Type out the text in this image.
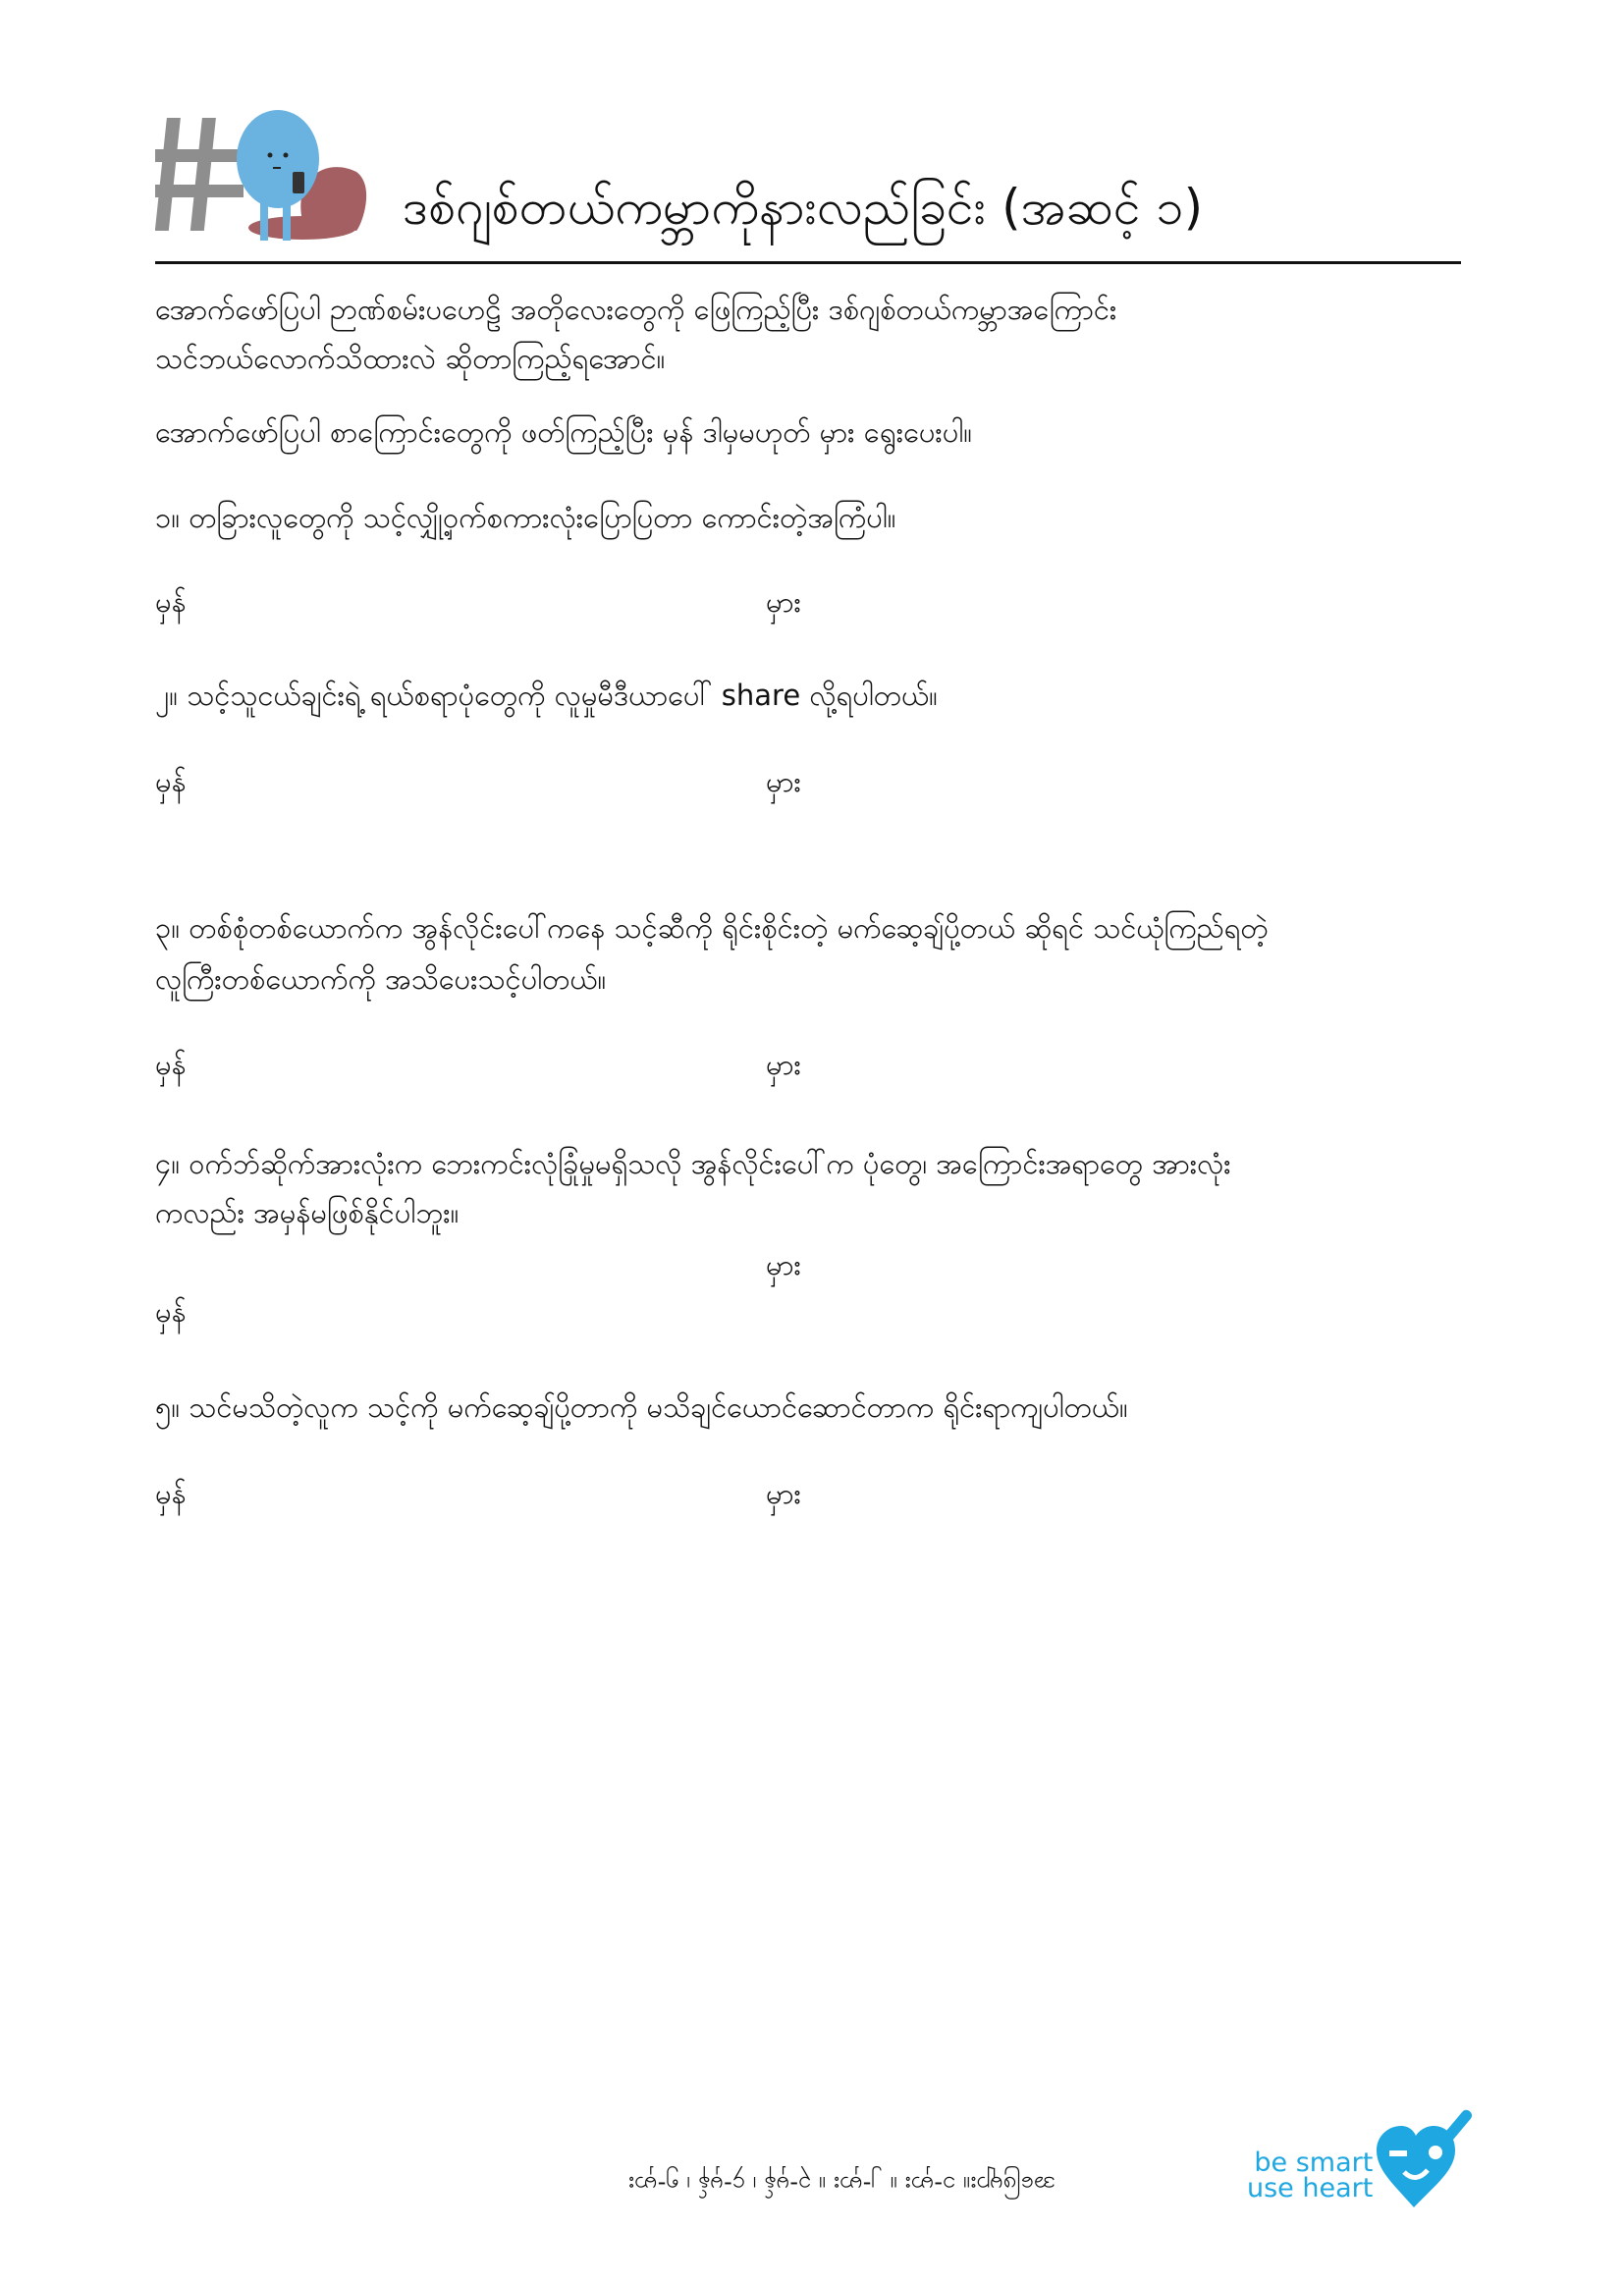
ဒစ်ဂျစ်တယ်ကမ္ဘာကိုနားလည်ခြင်း (အဆင့် ၁)
အောက်ဖော်ပြပါ ဉာဏ်စမ်းပဟေဠိ အတိုလေးတွေကို ဖြေကြည့်ပြီး ဒစ်ဂျစ်တယ်ကမ္ဘာအကြောင်း
သင်ဘယ်လောက်သိထားလဲ ဆိုတာကြည့်ရအောင်။
အောက်ဖော်ပြပါ စာကြောင်းတွေကို ဖတ်ကြည့်ပြီး မှန် ဒါမှမဟုတ် မှား ရွေးပေးပါ။
၁။ တခြားလူတွေကို သင့်လျှို့ဝှက်စကားလုံးပြောပြတာ ကောင်းတဲ့အကြံပါ။
မှန်	မှား
၂။ သင့်သူငယ်ချင်းရဲ့ ရယ်စရာပုံတွေကို လူမှုမီဒီယာပေါ် share လို့ရပါတယ်။
မှန်	မှား
၃။ တစ်စုံတစ်ယောက်က အွန်လိုင်းပေါ်ကနေ သင့်ဆီကို ရိုင်းစိုင်းတဲ့ မက်ဆေ့ချ်ပို့တယ် ဆိုရင် သင်ယုံကြည်ရတဲ့
လူကြီးတစ်ယောက်ကို အသိပေးသင့်ပါတယ်။
မှန်	မှား
၄။ ဝက်ဘ်ဆိုက်အားလုံးက ဘေးကင်းလုံခြုံမှုမရှိသလို အွန်လိုင်းပေါ်က ပုံတွေ၊ အကြောင်းအရာတွေ အားလုံး
ကလည်း အမှန်မဖြစ်နိုင်ပါဘူး။
မှား
မှန်
၅။ သင်မသိတဲ့လူက သင့်ကို မက်ဆေ့ချ်ပို့တာကို မသိချင်ယောင်ဆောင်တာက ရိုင်းရာကျပါတယ်။
မှန်	မှား
အဖြေများ။ ၁-မှား ။ ၂-မှား ။ ၃-မှန် ၊ ၄-မှန် ၊ ၅-မှား
be smart
use heart
